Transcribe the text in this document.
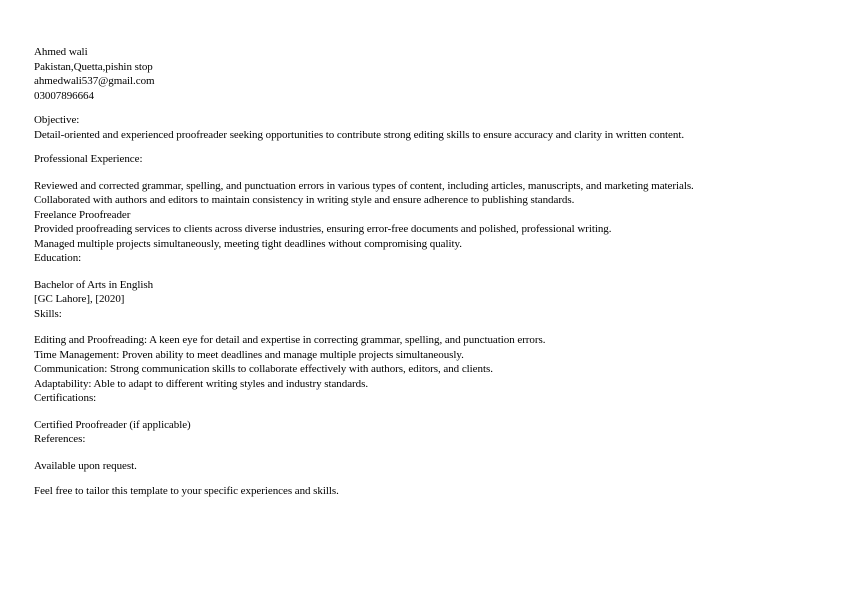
Ahmed wali
Pakistan,Quetta,pishin stop
ahmedwali537@gmail.com
03007896664
Objective:
Detail-oriented and experienced proofreader seeking opportunities to contribute strong editing skills to ensure accuracy and clarity in written content.
Professional Experience:
Reviewed and corrected grammar, spelling, and punctuation errors in various types of content, including articles, manuscripts, and marketing materials.
Collaborated with authors and editors to maintain consistency in writing style and ensure adherence to publishing standards.
Freelance Proofreader
Provided proofreading services to clients across diverse industries, ensuring error-free documents and polished, professional writing.
Managed multiple projects simultaneously, meeting tight deadlines without compromising quality.
Education:
Bachelor of Arts in English
[GC Lahore], [2020]
Skills:
Editing and Proofreading: A keen eye for detail and expertise in correcting grammar, spelling, and punctuation errors.
Time Management: Proven ability to meet deadlines and manage multiple projects simultaneously.
Communication: Strong communication skills to collaborate effectively with authors, editors, and clients.
Adaptability: Able to adapt to different writing styles and industry standards.
Certifications:
Certified Proofreader (if applicable)
References:
Available upon request.
Feel free to tailor this template to your specific experiences and skills.
